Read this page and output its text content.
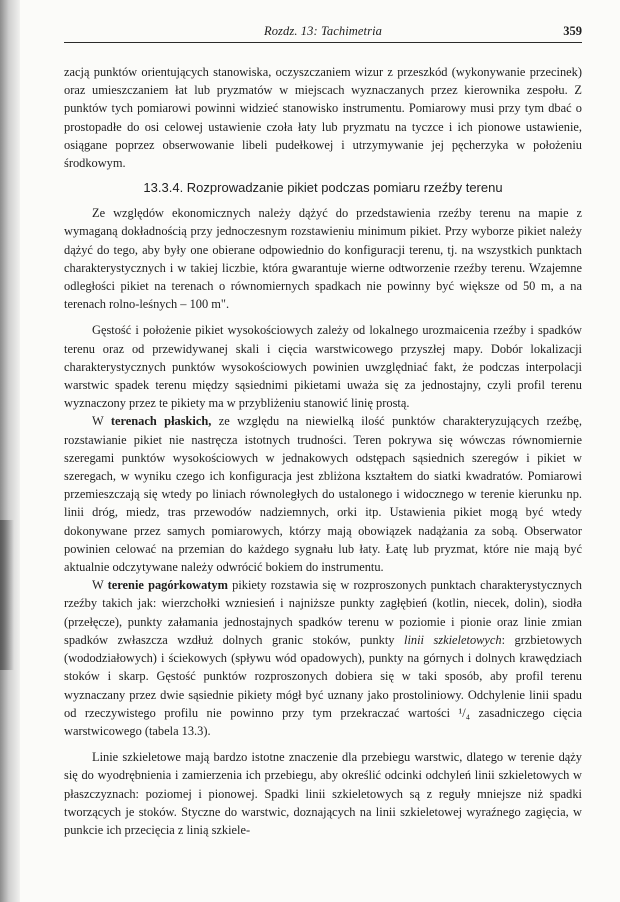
Rozdz. 13: Tachimetria	359

zacją punktów orientujących stanowiska, oczyszczaniem wizur z przeszkód (wykonywanie przecinek) oraz umieszczaniem łat lub pryzmatów w miejscach wyznaczanych przez kierownika zespołu. Z punktów tych pomiarowi powinni widzieć stanowisko instrumentu. Pomiarowy musi przy tym dbać o prostopadłe do osi celowej ustawienie czoła łaty lub pryzmatu na tyczce i ich pionowe ustawienie, osiągane poprzez obserwowanie libeli pudełkowej i utrzymywanie jej pęcherzyka w położeniu środkowym.

13.3.4. Rozprowadzanie pikiet podczas pomiaru rzeźby terenu

Ze względów ekonomicznych należy dążyć do przedstawienia rzeźby terenu na mapie z wymaganą dokładnością przy jednoczesnym rozstawieniu minimum pikiet. Przy wyborze pikiet należy dążyć do tego, aby były one obierane odpowiednio do konfiguracji terenu, tj. na wszystkich punktach charakterystycznych i w takiej liczbie, która gwarantuje wierne odtworzenie rzeźby terenu. Wzajemne odległości pikiet na terenach o równomiernych spadkach nie powinny być większe od 50 m, a na terenach rolno-leśnych – 100 m".

Gęstość i położenie pikiet wysokościowych zależy od lokalnego urozmaicenia rzeźby i spadków terenu oraz od przewidywanej skali i cięcia warstwicowego przyszłej mapy. Dobór lokalizacji charakterystycznych punktów wysokościowych powinien uwzględniać fakt, że podczas interpolacji warstwic spadek terenu między sąsiednimi pikietami uważa się za jednostajny, czyli profil terenu wyznaczony przez te pikiety ma w przybliżeniu stanowić linię prostą.

W terenach płaskich, ze względu na niewielką ilość punktów charakteryzujących rzeźbę, rozstawianie pikiet nie nastręcza istotnych trudności. Teren pokrywa się wówczas równomiernie szeregami punktów wysokościowych w jednakowych odstępach sąsiednich szeregów i pikiet w szeregach, w wyniku czego ich konfiguracja jest zbliżona kształtem do siatki kwadratów. Pomiarowi przemieszczają się wtedy po liniach równoległych do ustalonego i widocznego w terenie kierunku np. linii dróg, miedz, tras przewodów nadziemnych, orki itp. Ustawienia pikiet mogą być wtedy dokonywane przez samych pomiarowych, którzy mają obowiązek nadążania za sobą. Obserwator powinien celować na przemian do każdego sygnału lub łaty. Łatę lub pryzmat, które nie mają być aktualnie odczytywane należy odwrócić bokiem do instrumentu.

W terenie pagórkowatym pikiety rozstawia się w rozproszonych punktach charakterystycznych rzeźby takich jak: wierzchołki wzniesień i najniższe punkty zagłębień (kotlin, niecek, dolin), siodła (przełęcze), punkty załamania jednostajnych spadków terenu w poziomie i pionie oraz linie zmian spadków zwłaszcza wzdłuż dolnych granic stoków, punkty linii szkieletowych: grzbietowych (wododziałowych) i ściekowych (spływu wód opadowych), punkty na górnych i dolnych krawędziach stoków i skarp. Gęstość punktów rozproszonych dobiera się w taki sposób, aby profil terenu wyznaczany przez dwie sąsiednie pikiety mógł być uznany jako prostoliniowy. Odchylenie linii spadu od rzeczywistego profilu nie powinno przy tym przekraczać wartości ¹/₄ zasadniczego cięcia warstwicowego (tabela 13.3).

Linie szkieletowe mają bardzo istotne znaczenie dla przebiegu warstwic, dlatego w terenie dąży się do wyodrębnienia i zamierzenia ich przebiegu, aby określić odcinki odchyleń linii szkieletowych w płaszczyznach: poziomej i pionowej. Spadki linii szkieletowych są z reguły mniejsze niż spadki tworzących je stoków. Styczne do warstwic, doznających na linii szkieletowej wyraźnego zagięcia, w punkcie ich przecięcia z linią szkiele-
